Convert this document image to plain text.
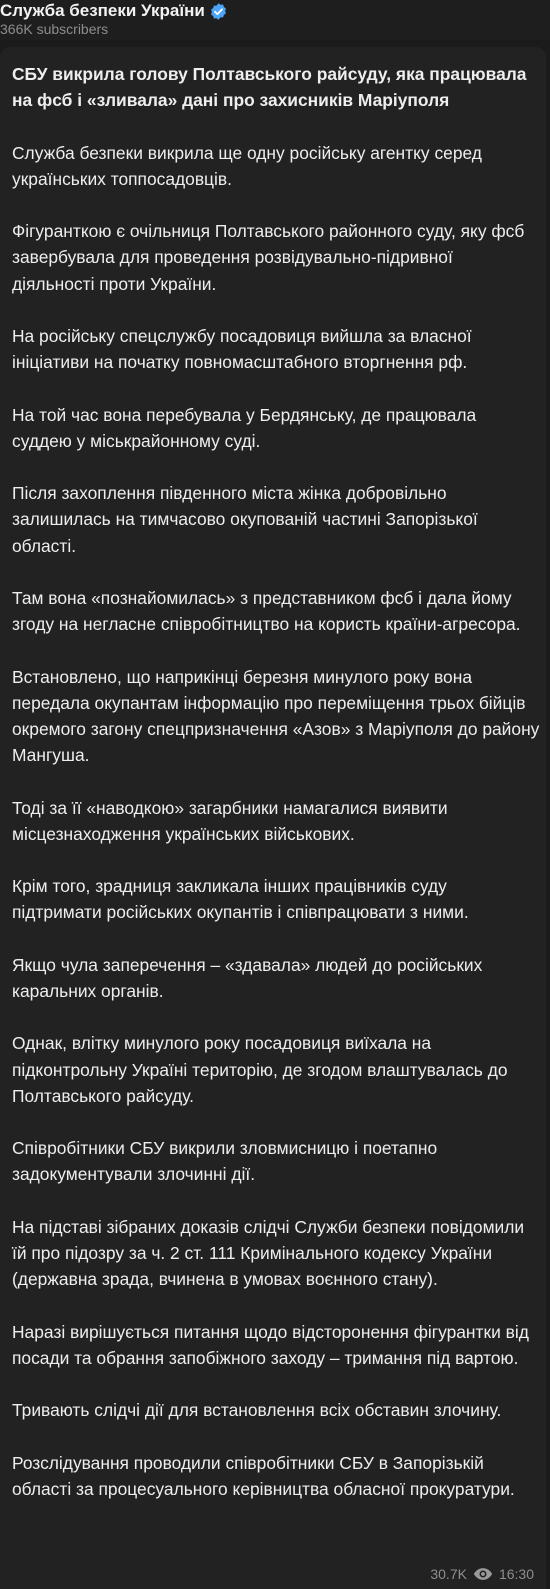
Служба безпеки України
366K subscribers

СБУ викрила голову Полтавського райсуду, яка працювала на фсб і «зливала» дані про захисників Маріуполя

Служба безпеки викрила ще одну російську агентку серед українських топпосадовців.

Фігуранткою є очільниця Полтавського районного суду, яку фсб завербувала для проведення розвідувально-підривної діяльності проти України.

На російську спецслужбу посадовиця вийшла за власної ініціативи на початку повномасштабного вторгнення рф.

На той час вона перебувала у Бердянську, де працювала суддею у міськрайонному суді.

Після захоплення південного міста жінка добровільно залишилась на тимчасово окупованій частині Запорізької області.

Там вона «познайомилась» з представником фсб і дала йому згоду на негласне співробітництво на користь країни-агресора.

Встановлено, що наприкінці березня минулого року вона передала окупантам інформацію про переміщення трьох бійців окремого загону спецпризначення «Азов» з Маріуполя до району Мангуша.

Тоді за її «наводкою» загарбники намагалися виявити місцезнаходження українських військових.

Крім того, зрадниця закликала інших працівників суду підтримати російських окупантів і співпрацювати з ними.

Якщо чула заперечення – «здавала» людей до російських каральних органів.

Однак, влітку минулого року посадовиця виїхала на підконтрольну Україні територію, де згодом влаштувалась до Полтавського райсуду.

Співробітники СБУ викрили зловмисницю і поетапно задокументували злочинні дії.

На підставі зібраних доказів слідчі Служби безпеки повідомили їй про підозру за ч. 2 ст. 111 Кримінального кодексу України (державна зрада, вчинена в умовах воєнного стану).

Наразі вирішується питання щодо відсторонення фігурантки від посади та обрання запобіжного заходу – тримання під вартою.

Тривають слідчі дії для встановлення всіх обставин злочину.

Розслідування проводили співробітники СБУ в Запорізькій області за процесуального керівництва обласної прокуратури.

30.7K 16:30
